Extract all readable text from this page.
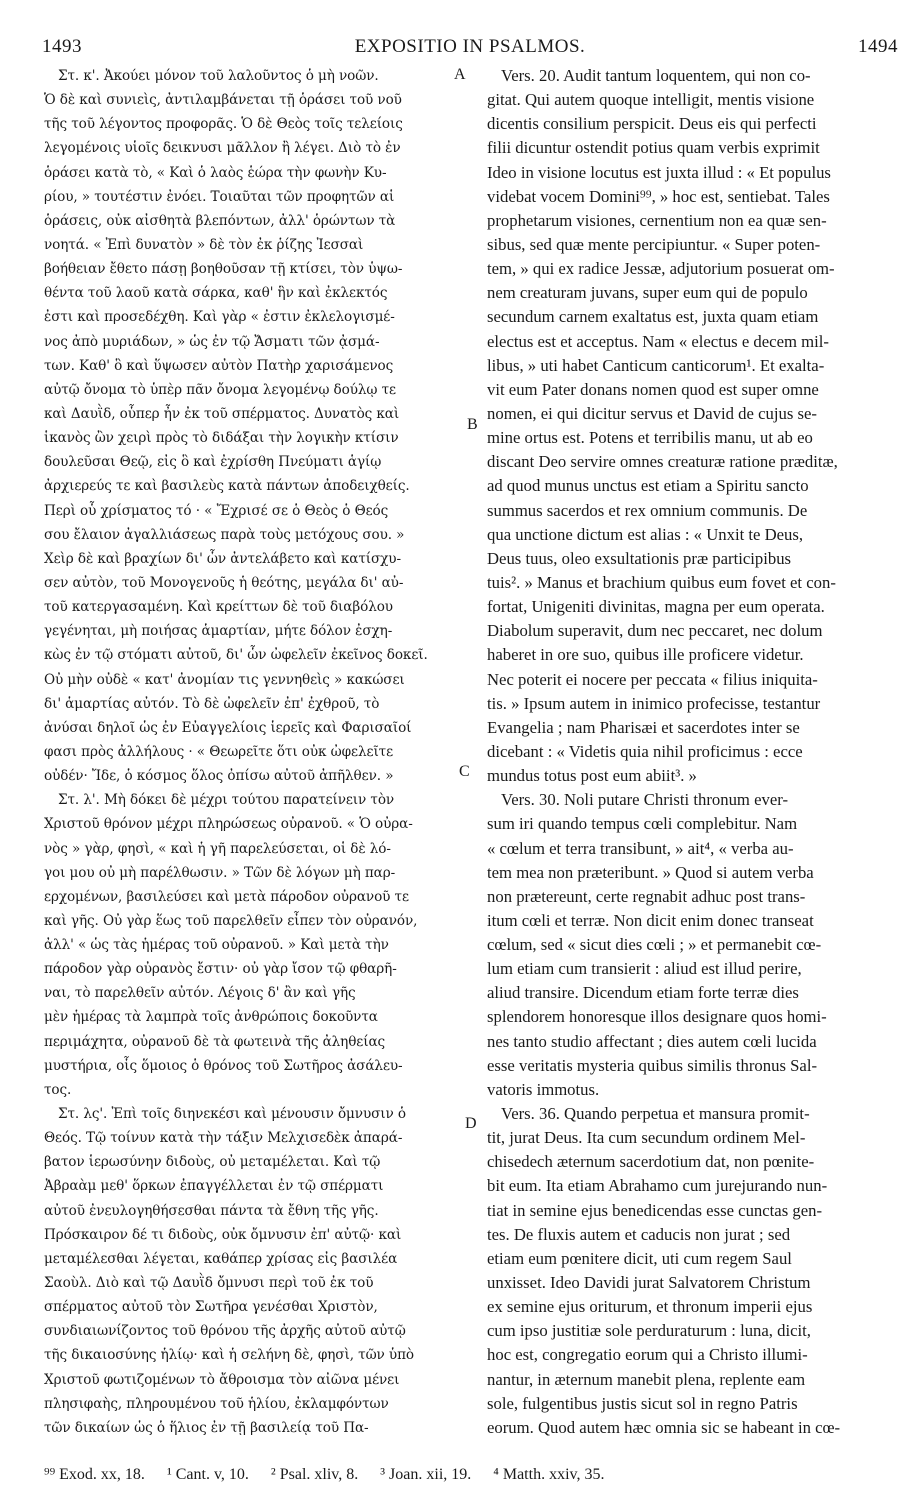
1493	EXPOSITIO IN PSALMOS.	1494
Στ. κ'. Ἀκούει μόνον τοῦ λαλοῦντος ὁ μὴ νοῶν.
Ὁ δὲ καὶ συνιεὶς, ἀντιλαμβάνεται τῇ ὁράσει τοῦ νοῦ
τῆς τοῦ λέγοντος προφορᾶς. Ὁ δὲ Θεὸς τοῖς τελείοις
λεγομένοις υἱοῖς δεικνυσι μᾶλλον ἢ λέγει. Διὸ τὸ ἐν
ὁράσει κατὰ τὸ, « Καὶ ὁ λαὸς ἑώρα τὴν φωνὴν Κυ-
ρίου, » τουτέστιν ἐνόει. Τοιαῦται τῶν προφητῶν αἱ
ὁράσεις, οὐκ αἰσθητὰ βλεπόντων, ἀλλ' ὁρώντων τὰ
νοητά. « Ἐπὶ δυνατὸν » δὲ τὸν ἐκ ῥίζης Ἰεσσαὶ
βοήθειαν ἔθετο πάσῃ βοηθοῦσαν τῇ κτίσει, τὸν ὑψω-
θέντα τοῦ λαοῦ κατὰ σάρκα, καθ' ἣν καὶ ἐκλεκτός
ἐστι καὶ προσεδέχθη. Καὶ γὰρ « ἐστιν ἐκλελογισμέ-
νος ἀπὸ μυριάδων, » ὡς ἐν τῷ Ἄσματι τῶν ᾀσμά-
των. Καθ' ὃ καὶ ὕψωσεν αὐτὸν Πατὴρ χαρισάμενος
αὐτῷ ὄνομα τὸ ὑπὲρ πᾶν ὄνομα λεγομένῳ δούλῳ τε
καὶ Δαυῒδ, οὗπερ ἦν ἐκ τοῦ σπέρματος. Δυνατὸς καὶ
ἱκανὸς ὢν χειρὶ πρὸς τὸ διδάξαι τὴν λογικὴν κτίσιν
δουλεῦσαι Θεῷ, εἰς ὃ καὶ ἐχρίσθη Πνεύματι ἁγίῳ
ἀρχιερεύς τε καὶ βασιλεὺς κατὰ πάντων ἀποδειχθείς.
Περὶ οὗ χρίσματος τό · « Ἔχρισέ σε ὁ Θεὸς ὁ Θεός
σου ἔλαιον ἀγαλλιάσεως παρὰ τοὺς μετόχους σου. »
Χεὶρ δὲ καὶ βραχίων δι' ὧν ἀντελάβετο καὶ κατίσχυ-
σεν αὐτὸν, τοῦ Μονογενοῦς ἡ θεότης, μεγάλα δι' αὐ-
τοῦ κατεργασαμένη. Καὶ κρείττων δὲ τοῦ διαβόλου
γεγένηται, μὴ ποιήσας ἁμαρτίαν, μήτε δόλον ἐσχη-
κὼς ἐν τῷ στόματι αὐτοῦ, δι' ὧν ὠφελεῖν ἐκεῖνος δοκεῖ.
Οὐ μὴν οὐδὲ « κατ' ἀνομίαν τις γεννηθεὶς » κακώσει
δι' ἁμαρτίας αὐτόν. Τὸ δὲ ὠφελεῖν ἐπ' ἐχθροῦ, τὸ
ἀνύσαι δηλοῖ ὡς ἐν Εὐαγγελίοις ἱερεῖς καὶ Φαρισαῖοί
φασι πρὸς ἀλλήλους · « Θεωρεῖτε ὅτι οὐκ ὠφελεῖτε
οὐδέν· Ἴδε, ὁ κόσμος ὅλος ὀπίσω αὐτοῦ ἀπῆλθεν. »
Στ. λ'. Μὴ δόκει δὲ μέχρι τούτου παρατείνειν τὸν
Χριστοῦ θρόνον μέχρι πληρώσεως οὐρανοῦ. « Ὁ οὐρα-
νὸς » γὰρ, φησὶ, « καὶ ἡ γῆ παρελεύσεται, οἱ δὲ λό-
γοι μου οὐ μὴ παρέλθωσιν. » Τῶν δὲ λόγων μὴ παρ-
ερχομένων, βασιλεύσει καὶ μετὰ πάροδον οὐρανοῦ τε
καὶ γῆς. Οὐ γὰρ ἕως τοῦ παρελθεῖν εἶπεν τὸν οὐρανόν,
ἀλλ' « ὡς τὰς ἡμέρας τοῦ οὐρανοῦ. » Καὶ μετὰ τὴν
πάροδον γὰρ οὐρανὸς ἔστιν· οὐ γὰρ ἴσον τῷ φθαρῆ-
ναι, τὸ παρελθεῖν αὐτόν. Λέγοις δ' ἂν καὶ γῆς
μὲν ἡμέρας τὰ λαμπρὰ τοῖς ἀνθρώποις δοκοῦντα
περιμάχητα, οὐρανοῦ δὲ τὰ φωτεινὰ τῆς ἀληθείας
μυστήρια, οἷς ὅμοιος ὁ θρόνος τοῦ Σωτῆρος ἀσάλευ-
τος.
Στ. λς'. Ἐπὶ τοῖς διηνεκέσι καὶ μένουσιν ὄμνυσιν ὁ
Θεός. Τῷ τοίνυν κατὰ τὴν τάξιν Μελχισεδὲκ ἀπαρά-
βατον ἱερωσύνην διδοὺς, οὐ μεταμέλεται. Καὶ τῷ
Ἀβραὰμ μεθ' ὅρκων ἐπαγγέλλεται ἐν τῷ σπέρματι
αὐτοῦ ἐνευλογηθήσεσθαι πάντα τὰ ἔθνη τῆς γῆς.
Πρόσκαιρον δέ τι διδοὺς, οὐκ ὄμνυσιν ἐπ' αὐτῷ· καὶ
μεταμέλεσθαι λέγεται, καθάπερ χρίσας εἰς βασιλέα
Σαοὺλ. Διὸ καὶ τῷ Δαυῒδ ὄμνυσι περὶ τοῦ ἐκ τοῦ
σπέρματος αὐτοῦ τὸν Σωτῆρα γενέσθαι Χριστὸν,
συνδιαιωνίζοντος τοῦ θρόνου τῆς ἀρχῆς αὐτοῦ αὐτῷ
τῆς δικαιοσύνης ἡλίῳ· καὶ ἡ σελήνη δὲ, φησὶ, τῶν ὑπὸ
Χριστοῦ φωτιζομένων τὸ ἄθροισμα τὸν αἰῶνα μένει
πλησιφαὴς, πληρουμένου τοῦ ἡλίου, ἐκλαμφόντων
τῶν δικαίων ὡς ὁ ἥλιος ἐν τῇ βασιλείᾳ τοῦ Πα-
Vers. 20. Audit tantum loquentem, qui non co-
gitat. Qui autem quoque intelligit, mentis visione
dicentis consilium perspicit. Deus eis qui perfecti
filii dicuntur ostendit potius quam verbis exprimit
Ideo in visione locutus est juxta illud : « Et populus
videbat vocem Domini⁹⁹, » hoc est, sentiebat. Tales
prophetarum visiones, cernentium non ea quæ sen-
sibus, sed quæ mente percipiuntur. « Super poten-
tem, » qui ex radice Jessæ, adjutorium posuerat om-
nem creaturam juvans, super eum qui de populo
secundum carnem exaltatus est, juxta quam etiam
electus est et acceptus. Nam « electus e decem mil-
libus, » uti habet Canticum canticorum¹. Et exalta-
vit eum Pater donans nomen quod est super omne
nomen, ei qui dicitur servus et David de cujus se-
mine ortus est. Potens et terribilis manu, ut ab eo
discant Deo servire omnes creaturæ ratione præditæ,
ad quod munus unctus est etiam a Spiritu sancto
summus sacerdos et rex omnium communis. De
qua unctione dictum est alias : « Unxit te Deus,
Deus tuus, oleo exsultationis præ participibus
tuis². » Manus et brachium quibus eum fovet et con-
fortat, Unigeniti divinitas, magna per eum operata.
Diabolum superavit, dum nec peccaret, nec dolum
haberet in ore suo, quibus ille proficere videtur.
Nec poterit ei nocere per peccata « filius iniquita-
tis. » Ipsum autem in inimico profecisse, testantur
Evangelia ; nam Pharisæi et sacerdotes inter se
dicebant : « Videtis quia nihil proficimus : ecce
mundus totus post eum abiit³. »
Vers. 30. Noli putare Christi thronum ever-
sum iri quando tempus cœli complebitur. Nam
« cœlum et terra transibunt, » ait⁴, « verba au-
tem mea non præteribunt. » Quod si autem verba
non prætereunt, certe regnabit adhuc post trans-
itum cœli et terræ. Non dicit enim donec transeat
cœlum, sed « sicut dies cœli ; » et permanebit cœ-
lum etiam cum transierit : aliud est illud perire,
aliud transire. Dicendum etiam forte terræ dies
splendorem honoresque illos designare quos homi-
nes tanto studio affectant ; dies autem cœli lucida
esse veritatis mysteria quibus similis thronus Sal-
vatoris immotus.
Vers. 36. Quando perpetua et mansura promit-
tit, jurat Deus. Ita cum secundum ordinem Mel-
chisedech æternum sacerdotium dat, non pœnite-
bit eum. Ita etiam Abrahamo cum jurejurando nun-
tiat in semine ejus benedicendas esse cunctas gen-
tes. De fluxis autem et caducis non jurat ; sed
etiam eum pœnitere dicit, uti cum regem Saul
unxisset. Ideo Davidi jurat Salvatorem Christum
ex semine ejus oriturum, et thronum imperii ejus
cum ipso justitiæ sole perduraturum : luna, dicit,
hoc est, congregatio eorum qui a Christo illumi-
nantur, in æternum manebit plena, replente eam
sole, fulgentibus justis sicut sol in regno Patris
eorum. Quod autem hæc omnia sic se habeant in cœ-
A
B
C
D
⁹⁹ Exod. xx, 18. ¹ Cant. v, 10. ² Psal. xliv, 8. ³ Joan. xii, 19. ⁴ Matth. xxiv, 35.
